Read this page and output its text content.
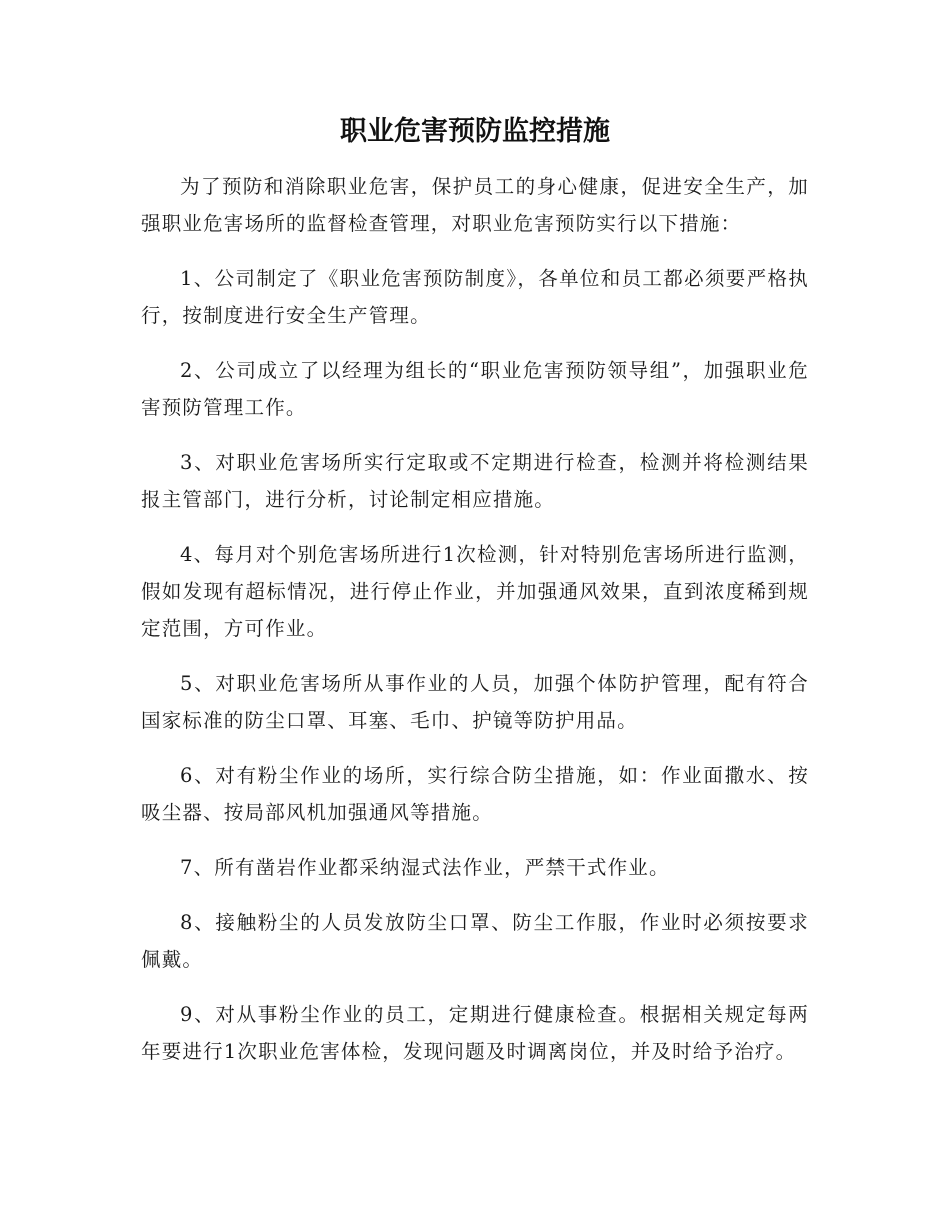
职业危害预防监控措施

为了预防和消除职业危害，保护员工的身心健康，促进安全生产，加强职业危害场所的监督检查管理，对职业危害预防实行以下措施：

1、公司制定了《职业危害预防制度》，各单位和员工都必须要严格执行，按制度进行安全生产管理。

2、公司成立了以经理为组长的“职业危害预防领导组”，加强职业危害预防管理工作。

3、对职业危害场所实行定取或不定期进行检查，检测并将检测结果报主管部门，进行分析，讨论制定相应措施。

4、每月对个别危害场所进行1次检测，针对特别危害场所进行监测，假如发现有超标情况，进行停止作业，并加强通风效果，直到浓度稀到规定范围，方可作业。

5、对职业危害场所从事作业的人员，加强个体防护管理，配有符合国家标准的防尘口罩、耳塞、毛巾、护镜等防护用品。

6、对有粉尘作业的场所，实行综合防尘措施，如：作业面撒水、按吸尘器、按局部风机加强通风等措施。

7、所有凿岩作业都采纳湿式法作业，严禁干式作业。

8、接触粉尘的人员发放防尘口罩、防尘工作服，作业时必须按要求佩戴。

9、对从事粉尘作业的员工，定期进行健康检查。根据相关规定每两年要进行1次职业危害体检，发现问题及时调离岗位，并及时给予治疗。
